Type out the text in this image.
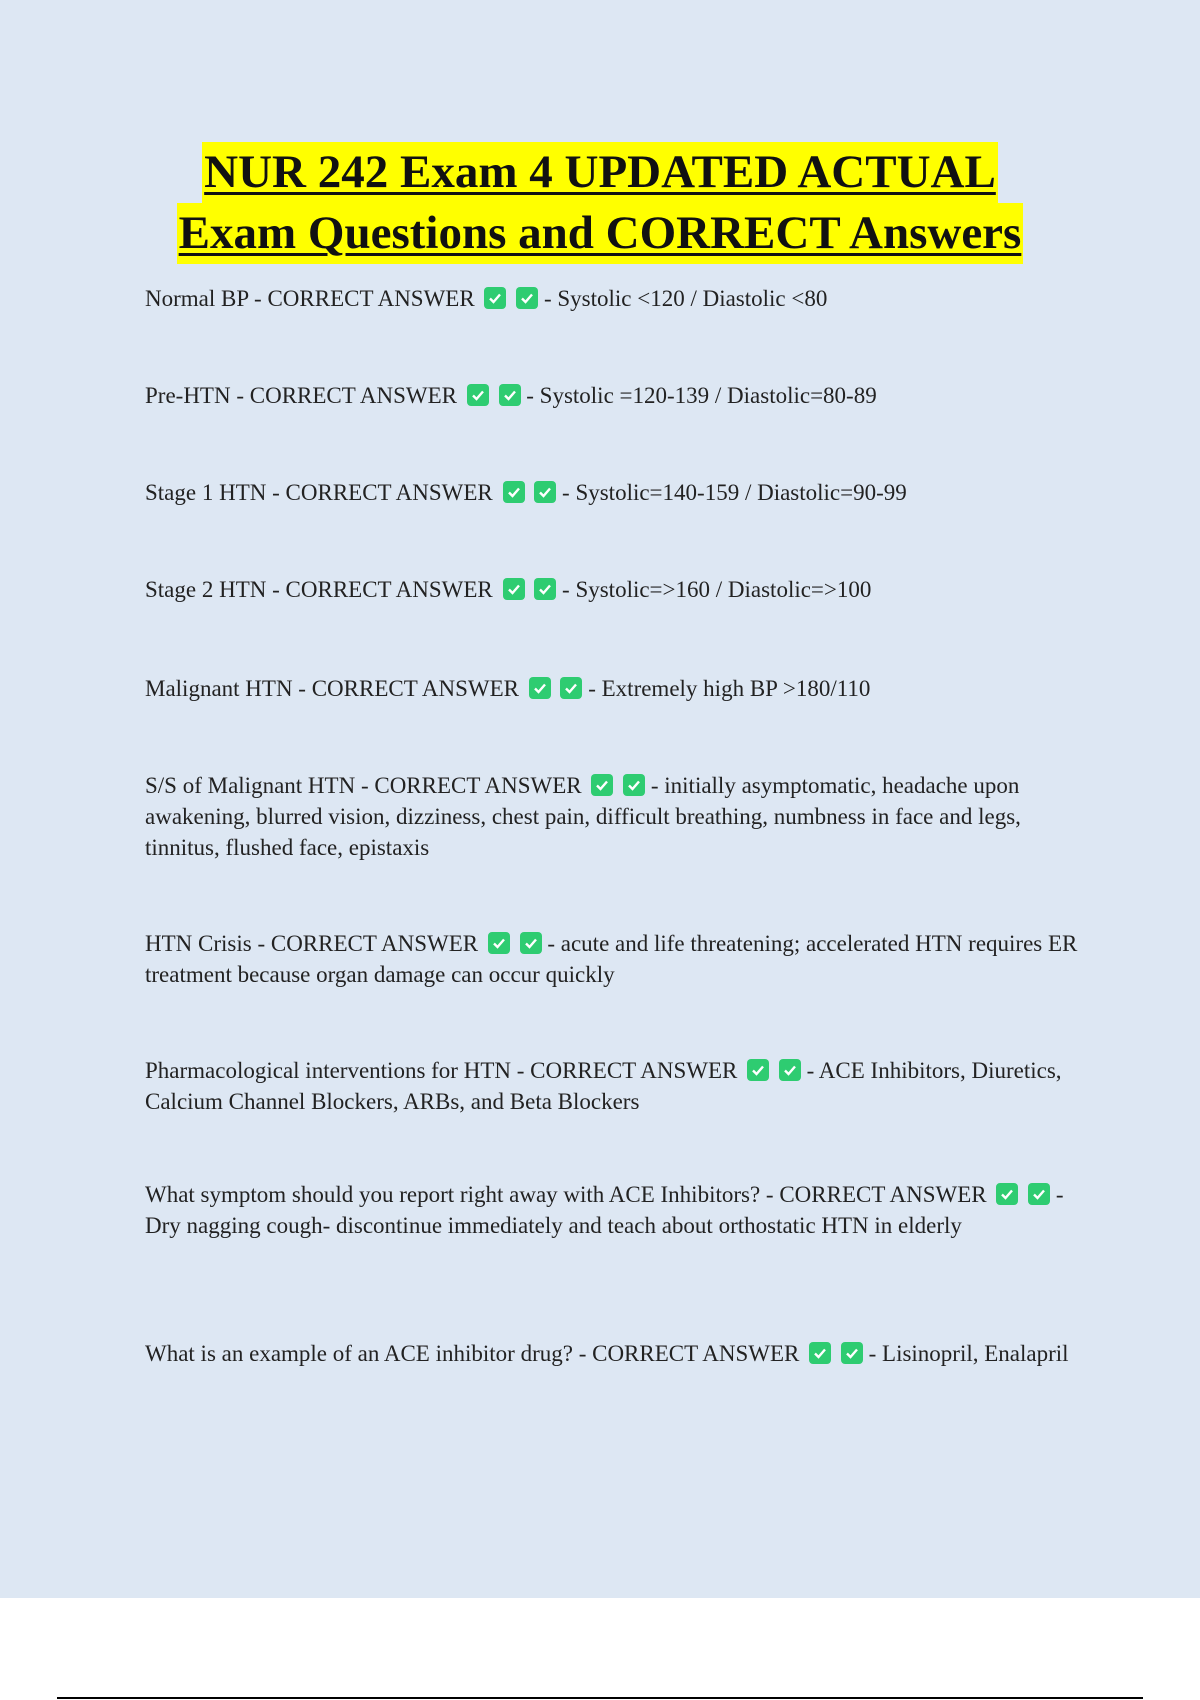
NUR 242 Exam 4 UPDATED ACTUAL
Exam Questions and CORRECT Answers
Normal BP - CORRECT ANSWER
	- Systolic <120 / Diastolic <80
Pre-HTN - CORRECT ANSWER
	- Systolic =120-139 / Diastolic=80-89
Stage 1 HTN - CORRECT ANSWER
	- Systolic=140-159 / Diastolic=90-99
Stage 2 HTN - CORRECT ANSWER
	- Systolic=>160 / Diastolic=>100
Malignant HTN - CORRECT ANSWER
	- Extremely high BP >180/110
S/S of Malignant HTN - CORRECT ANSWER
	- initially asymptomatic, headache upon awakening, blurred vision, dizziness, chest pain, difficult breathing, numbness in face and legs, tinnitus, flushed face, epistaxis
HTN Crisis - CORRECT ANSWER
	- acute and life threatening; accelerated HTN requires ER treatment because organ damage can occur quickly
Pharmacological interventions for HTN - CORRECT ANSWER
	- ACE Inhibitors, Diuretics, Calcium Channel Blockers, ARBs, and Beta Blockers
What symptom should you report right away with ACE Inhibitors? - CORRECT ANSWER
	- Dry nagging cough- discontinue immediately and teach about orthostatic HTN in elderly
What is an example of an ACE inhibitor drug? - CORRECT ANSWER
	- Lisinopril, Enalapril
